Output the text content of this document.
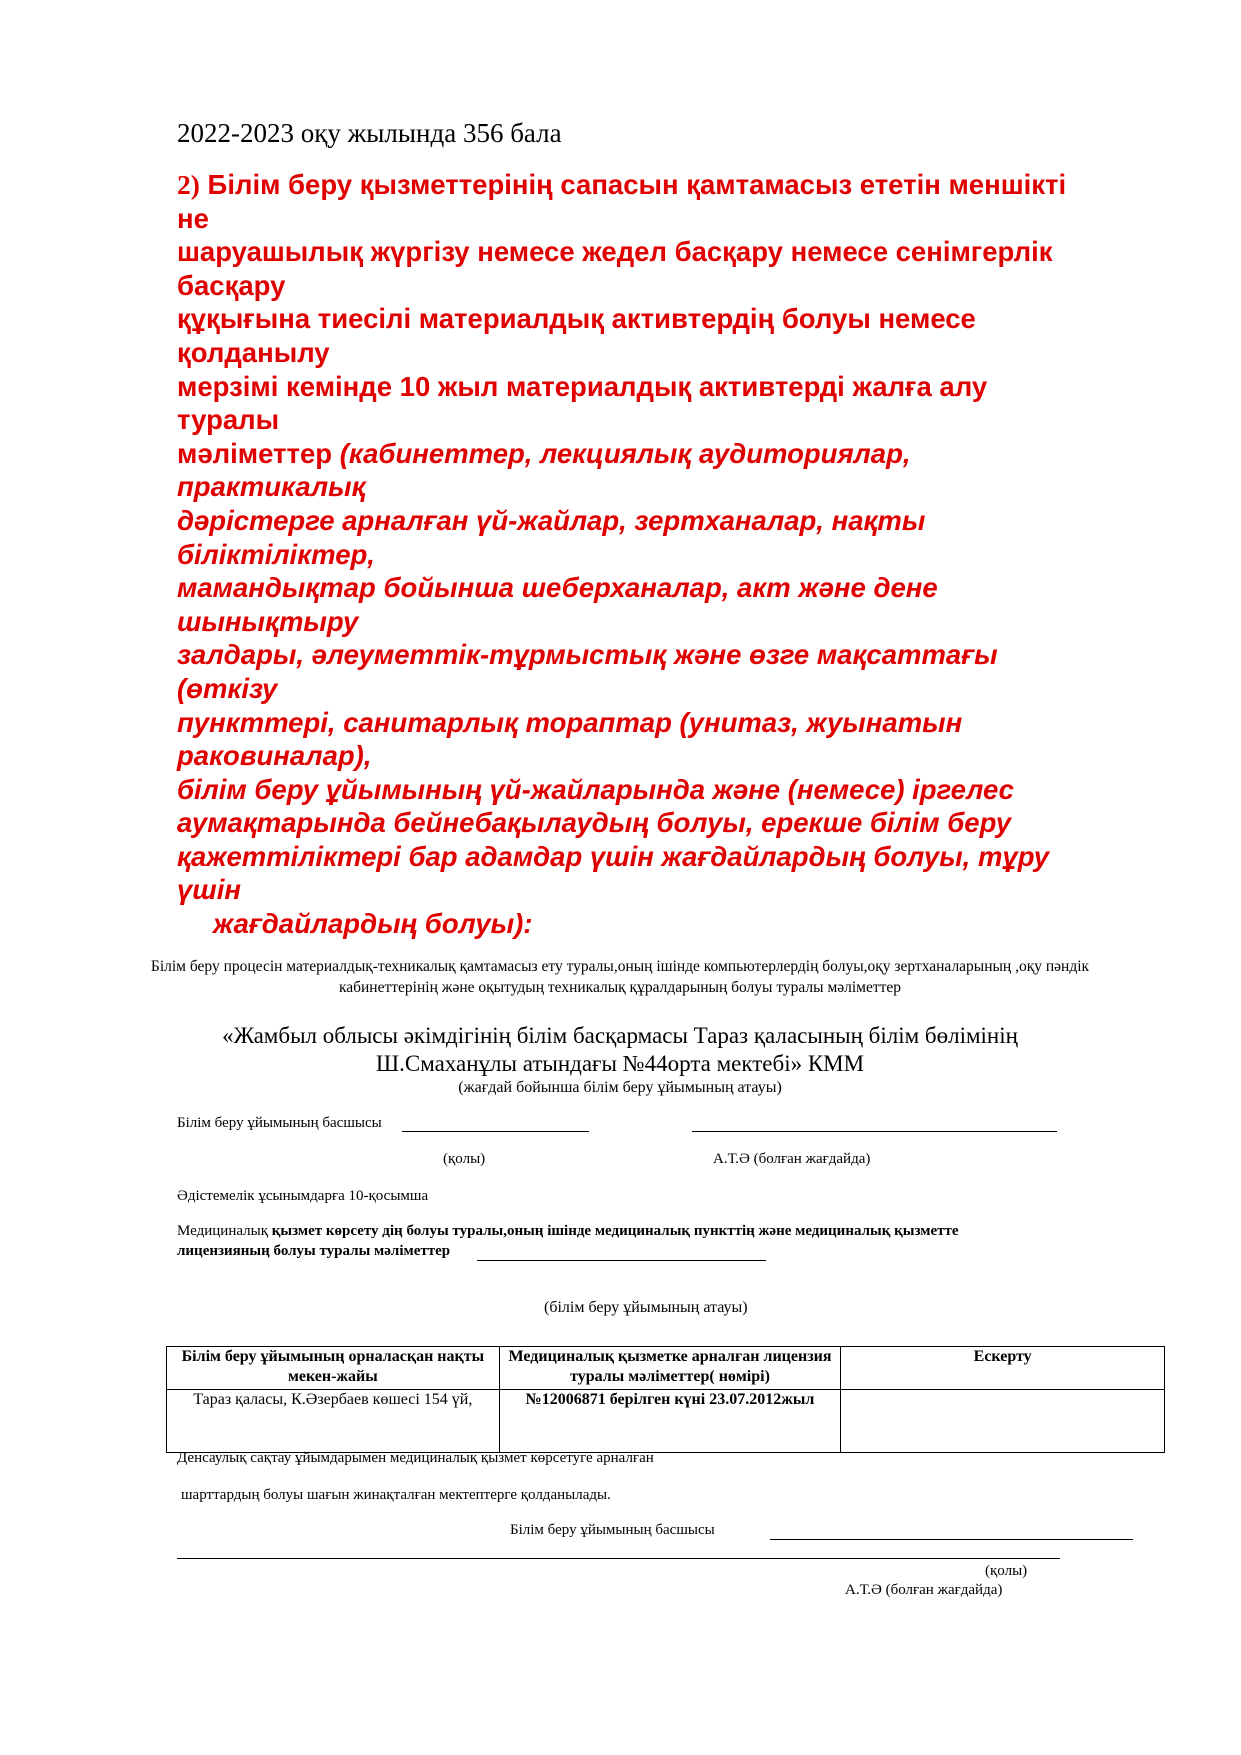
2022-2023 оқу жылында 356 бала
2) Білім беру қызметтерінің сапасын қамтамасыз ететін меншікті
не
шаруашылық жүргізу немесе жедел басқару немесе сенімгерлік
басқару
құқығына тиесілі материалдық активтердің болуы немесе
қолданылу
мерзімі кемінде 10 жыл материалдық активтерді жалға алу
туралы
мәліметтер (кабинеттер, лекциялық аудиториялар,
практикалық
дәрістерге арналған үй-жайлар, зертханалар, нақты
біліктіліктер,
мамандықтар бойынша шеберханалар, акт және дене
шынықтыру
залдары, әлеуметтік-тұрмыстық және өзге мақсаттағы
(өткізу
пункттері, санитарлық тораптар (унитаз, жуынатын
раковиналар),
білім беру ұйымының үй-жайларында және (немесе) іргелес
аумақтарында бейнебақылаудың болуы, ерекше білім беру
қажеттіліктері бар адамдар үшін жағдайлардың болуы, тұру
үшін
жағдайлардың болуы):
Білім беру процесін материалдық-техникалық қамтамасыз ету туралы,оның ішінде компьютерлердің болуы,оқу зертханаларының ,оқу пәндік кабинеттерінің және оқытудың техникалық құралдарының болуы туралы мәліметтер
«Жамбыл облысы әкімдігінің білім басқармасы Тараз қаласының білім бөлімінің
Ш.Смаханұлы атындағы №44орта мектебі» КММ
(жағдай бойынша білім беру ұйымының атауы)
Білім беру ұйымының басшысы
(қолы)	А.Т.Ә (болған жағдайда)
Әдістемелік ұсынымдарға 10-қосымша
Медициналық қызмет көрсету дің болуы туралы,оның ішінде медициналық пункттің және медициналық қызметте
лицензияның болуы туралы мәліметтер
(білім беру ұйымының атауы)
Білім беру ұйымының орналасқан нақты мекен-жайы	Медициналық қызметке арналған лицензия туралы мәліметтер( нөмірі)	Ескерту
Тараз қаласы, К.Әзербаев көшесі 154 үй,	№12006871 берілген күні 23.07.2012жыл	
Денсаулық сақтау ұйымдарымен медициналық қызмет көрсетуге арналған
шарттардың болуы шағын жинақталған мектептерге қолданылады.
Білім беру ұйымының басшысы
(қолы)
А.Т.Ә (болған жағдайда)
